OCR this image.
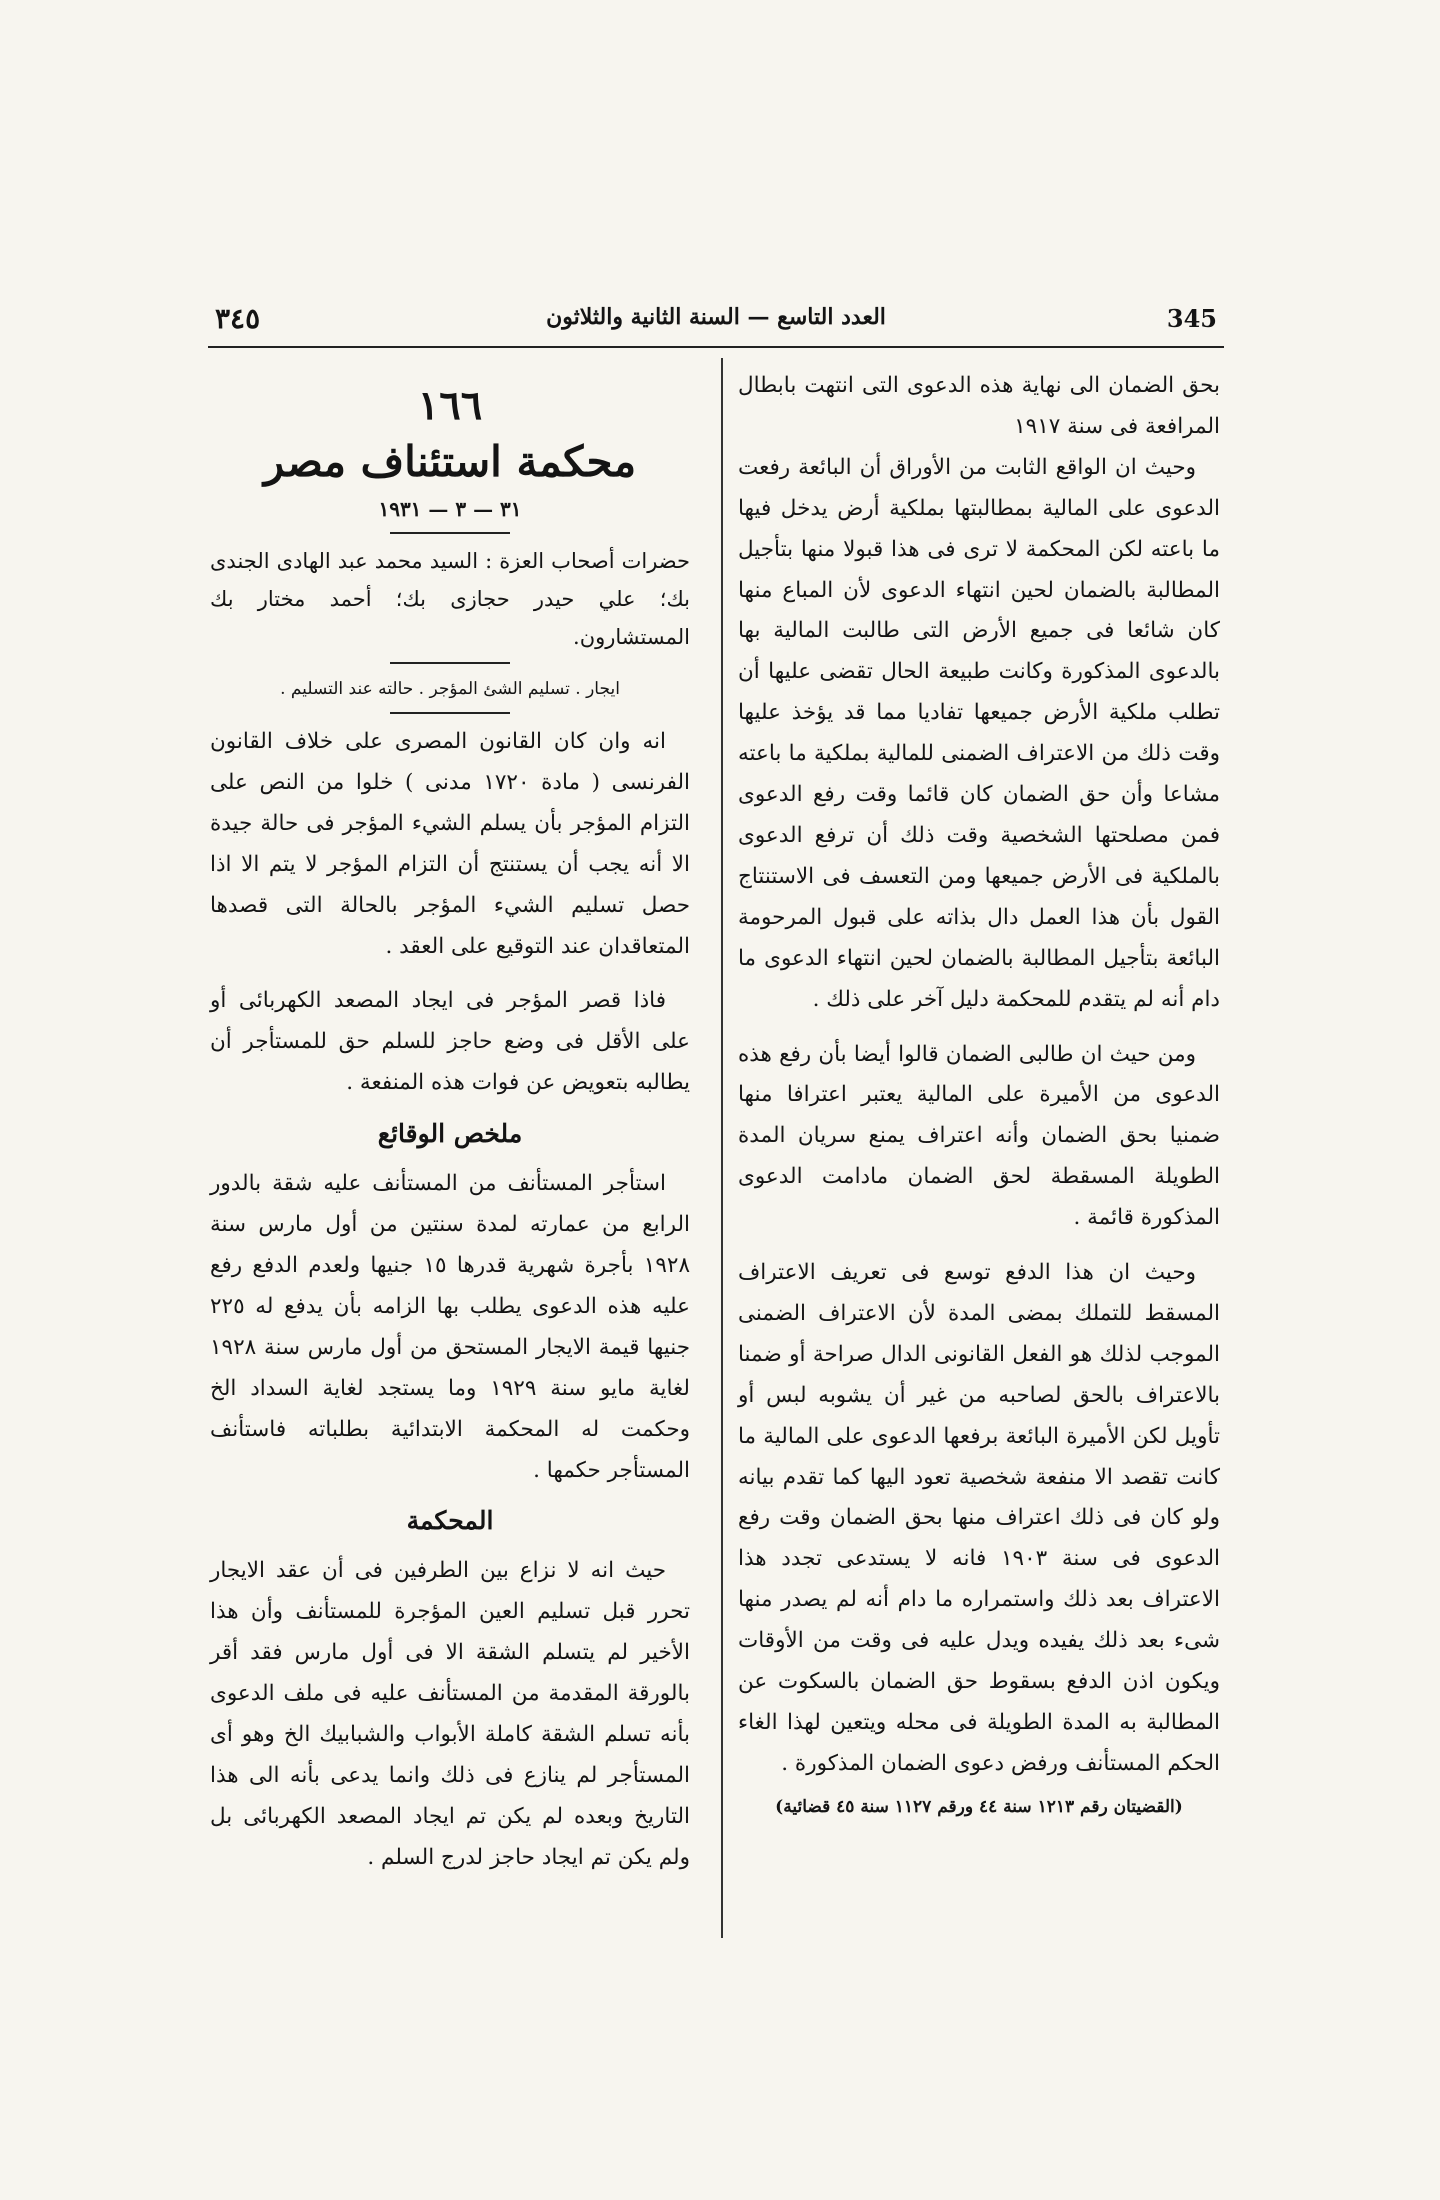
345
العدد التاسع — السنة الثانية والثلاثون
٣٤٥

بحق الضمان الى نهاية هذه الدعوى التى انتهت بابطال المرافعة فى سنة ١٩١٧

وحيث ان الواقع الثابت من الأوراق أن البائعة رفعت الدعوى على المالية بمطالبتها بملكية أرض يدخل فيها ما باعته لكن المحكمة لا ترى فى هذا قبولا منها بتأجيل المطالبة بالضمان لحين انتهاء الدعوى لأن المباع منها كان شائعا فى جميع الأرض التى طالبت المالية بها بالدعوى المذكورة وكانت طبيعة الحال تقضى عليها أن تطلب ملكية الأرض جميعها تفاديا مما قد يؤخذ عليها وقت ذلك من الاعتراف الضمنى للمالية بملكية ما باعته مشاعا وأن حق الضمان كان قائما وقت رفع الدعوى فمن مصلحتها الشخصية وقت ذلك أن ترفع الدعوى بالملكية فى الأرض جميعها ومن التعسف فى الاستنتاج القول بأن هذا العمل دال بذاته على قبول المرحومة البائعة بتأجيل المطالبة بالضمان لحين انتهاء الدعوى ما دام أنه لم يتقدم للمحكمة دليل آخر على ذلك .

ومن حيث ان طالبى الضمان قالوا أيضا بأن رفع هذه الدعوى من الأميرة على المالية يعتبر اعترافا منها ضمنيا بحق الضمان وأنه اعتراف يمنع سريان المدة الطويلة المسقطة لحق الضمان مادامت الدعوى المذكورة قائمة .

وحيث ان هذا الدفع توسع فى تعريف الاعتراف المسقط للتملك بمضى المدة لأن الاعتراف الضمنى الموجب لذلك هو الفعل القانونى الدال صراحة أو ضمنا بالاعتراف بالحق لصاحبه من غير أن يشوبه لبس أو تأويل لكن الأميرة البائعة برفعها الدعوى على المالية ما كانت تقصد الا منفعة شخصية تعود اليها كما تقدم بيانه ولو كان فى ذلك اعتراف منها بحق الضمان وقت رفع الدعوى فى سنة ١٩٠٣ فانه لا يستدعى تجدد هذا الاعتراف بعد ذلك واستمراره ما دام أنه لم يصدر منها شىء بعد ذلك يفيده ويدل عليه فى وقت من الأوقات ويكون اذن الدفع بسقوط حق الضمان بالسكوت عن المطالبة به المدة الطويلة فى محله ويتعين لهذا الغاء الحكم المستأنف ورفض دعوى الضمان المذكورة .

(القضيتان رقم ١٢١٣ سنة ٤٤ ورقم ١١٢٧ سنة ٤٥ قضائية)
١٦٦
محكمة استئناف مصر
٣١ — ٣ — ١٩٣١

حضرات أصحاب العزة : السيد محمد عبد الهادى الجندى بك؛ علي حيدر حجازى بك؛ أحمد مختار بك المستشارون.

ايجار . تسليم الشئ المؤجر . حالته عند التسليم .

انه وان كان القانون المصرى على خلاف القانون الفرنسى ( مادة ١٧٢٠ مدنى ) خلوا من النص على التزام المؤجر بأن يسلم الشيء المؤجر فى حالة جيدة الا أنه يجب أن يستنتج أن التزام المؤجر لا يتم الا اذا حصل تسليم الشيء المؤجر بالحالة التى قصدها المتعاقدان عند التوقيع على العقد .

فاذا قصر المؤجر فى ايجاد المصعد الكهربائى أو على الأقل فى وضع حاجز للسلم حق للمستأجر أن يطالبه بتعويض عن فوات هذه المنفعة .

ملخص الوقائع

استأجر المستأنف من المستأنف عليه شقة بالدور الرابع من عمارته لمدة سنتين من أول مارس سنة ١٩٢٨ بأجرة شهرية قدرها ١٥ جنيها ولعدم الدفع رفع عليه هذه الدعوى يطلب بها الزامه بأن يدفع له ٢٢٥ جنيها قيمة الايجار المستحق من أول مارس سنة ١٩٢٨ لغاية مايو سنة ١٩٢٩ وما يستجد لغاية السداد الخ وحكمت له المحكمة الابتدائية بطلباته فاستأنف المستأجر حكمها .

المحكمة

حيث انه لا نزاع بين الطرفين فى أن عقد الايجار تحرر قبل تسليم العين المؤجرة للمستأنف وأن هذا الأخير لم يتسلم الشقة الا فى أول مارس فقد أقر بالورقة المقدمة من المستأنف عليه فى ملف الدعوى بأنه تسلم الشقة كاملة الأبواب والشبابيك الخ وهو أى المستأجر لم ينازع فى ذلك وانما يدعى بأنه الى هذا التاريخ وبعده لم يكن تم ايجاد المصعد الكهربائى بل ولم يكن تم ايجاد حاجز لدرج السلم .
